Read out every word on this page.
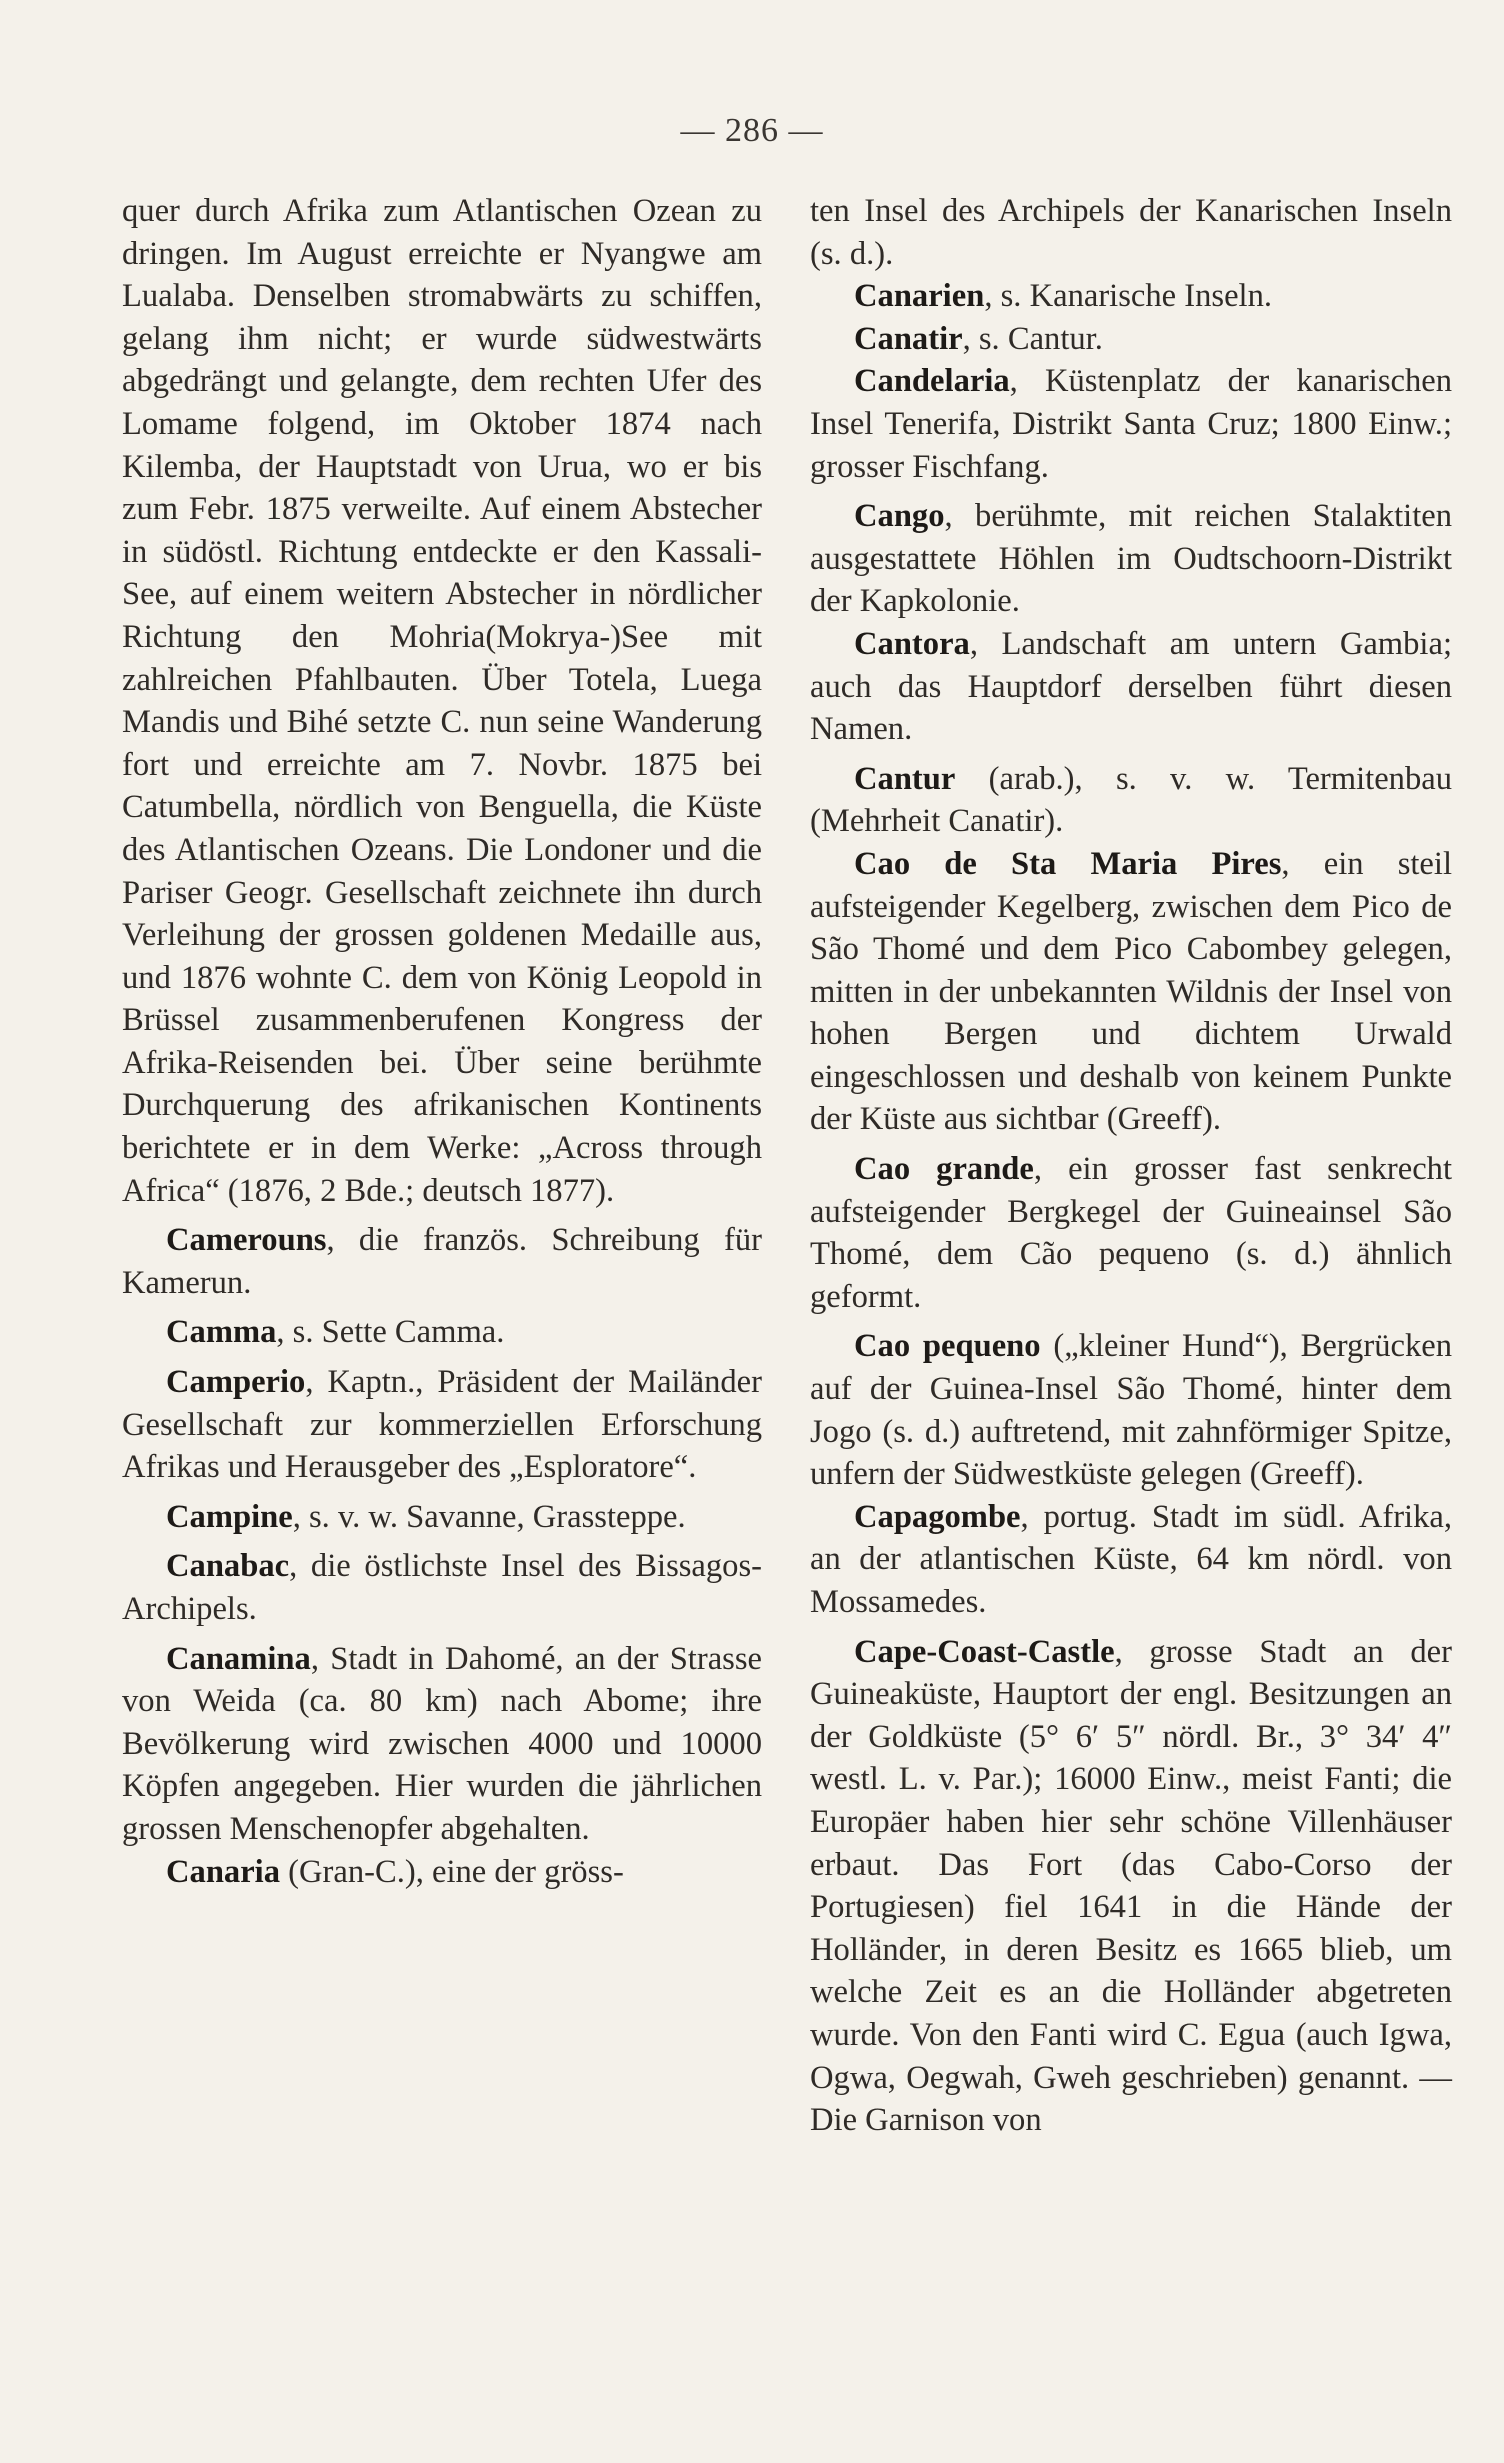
— 286 —

quer durch Afrika zum Atlantischen Ozean zu dringen. Im August erreichte er Nyangwe am Lualaba. Denselben stromabwärts zu schiffen, gelang ihm nicht; er wurde südwestwärts abgedrängt und gelangte, dem rechten Ufer des Lomame folgend, im Oktober 1874 nach Kilemba, der Hauptstadt von Urua, wo er bis zum Febr. 1875 verweilte. Auf einem Abstecher in südöstl. Richtung entdeckte er den Kassali-See, auf einem weitern Abstecher in nördlicher Richtung den Mohria(Mokrya-)See mit zahlreichen Pfahlbauten. Über Totela, Luega Mandis und Bihé setzte C. nun seine Wanderung fort und erreichte am 7. Novbr. 1875 bei Catumbella, nördlich von Benguella, die Küste des Atlantischen Ozeans. Die Londoner und die Pariser Geogr. Gesellschaft zeichnete ihn durch Verleihung der grossen goldenen Medaille aus, und 1876 wohnte C. dem von König Leopold in Brüssel zusammenberufenen Kongress der Afrika-Reisenden bei. Über seine berühmte Durchquerung des afrikanischen Kontinents berichtete er in dem Werke: „Across through Africa“ (1876, 2 Bde.; deutsch 1877).

Camerouns, die französ. Schreibung für Kamerun.

Camma, s. Sette Camma.

Camperio, Kaptn., Präsident der Mailänder Gesellschaft zur kommerziellen Erforschung Afrikas und Herausgeber des „Esploratore“.

Campine, s. v. w. Savanne, Grassteppe.

Canabac, die östlichste Insel des Bissagos-Archipels.

Canamina, Stadt in Dahomé, an der Strasse von Weida (ca. 80 km) nach Abome; ihre Bevölkerung wird zwischen 4000 und 10000 Köpfen angegeben. Hier wurden die jährlichen grossen Menschenopfer abgehalten.

Canaria (Gran-C.), eine der gröss-

ten Insel des Archipels der Kanarischen Inseln (s. d.).

Canarien, s. Kanarische Inseln.

Canatir, s. Cantur.

Candelaria, Küstenplatz der kanarischen Insel Tenerifa, Distrikt Santa Cruz; 1800 Einw.; grosser Fischfang.

Cango, berühmte, mit reichen Stalaktiten ausgestattete Höhlen im Oudtschoorn-Distrikt der Kapkolonie.

Cantora, Landschaft am untern Gambia; auch das Hauptdorf derselben führt diesen Namen.

Cantur (arab.), s. v. w. Termitenbau (Mehrheit Canatir).

Cao de Sta Maria Pires, ein steil aufsteigender Kegelberg, zwischen dem Pico de São Thomé und dem Pico Cabombey gelegen, mitten in der unbekannten Wildnis der Insel von hohen Bergen und dichtem Urwald eingeschlossen und deshalb von keinem Punkte der Küste aus sichtbar (Greeff).

Cao grande, ein grosser fast senkrecht aufsteigender Bergkegel der Guineainsel São Thomé, dem Cão pequeno (s. d.) ähnlich geformt.

Cao pequeno („kleiner Hund“), Bergrücken auf der Guinea-Insel São Thomé, hinter dem Jogo (s. d.) auftretend, mit zahnförmiger Spitze, unfern der Südwestküste gelegen (Greeff).

Capagombe, portug. Stadt im südl. Afrika, an der atlantischen Küste, 64 km nördl. von Mossamedes.

Cape-Coast-Castle, grosse Stadt an der Guineaküste, Hauptort der engl. Besitzungen an der Goldküste (5° 6′ 5″ nördl. Br., 3° 34′ 4″ westl. L. v. Par.); 16000 Einw., meist Fanti; die Europäer haben hier sehr schöne Villenhäuser erbaut. Das Fort (das Cabo-Corso der Portugiesen) fiel 1641 in die Hände der Holländer, in deren Besitz es 1665 blieb, um welche Zeit es an die Holländer abgetreten wurde. Von den Fanti wird C. Egua (auch Igwa, Ogwa, Oegwah, Gweh geschrieben) genannt. — Die Garnison von
